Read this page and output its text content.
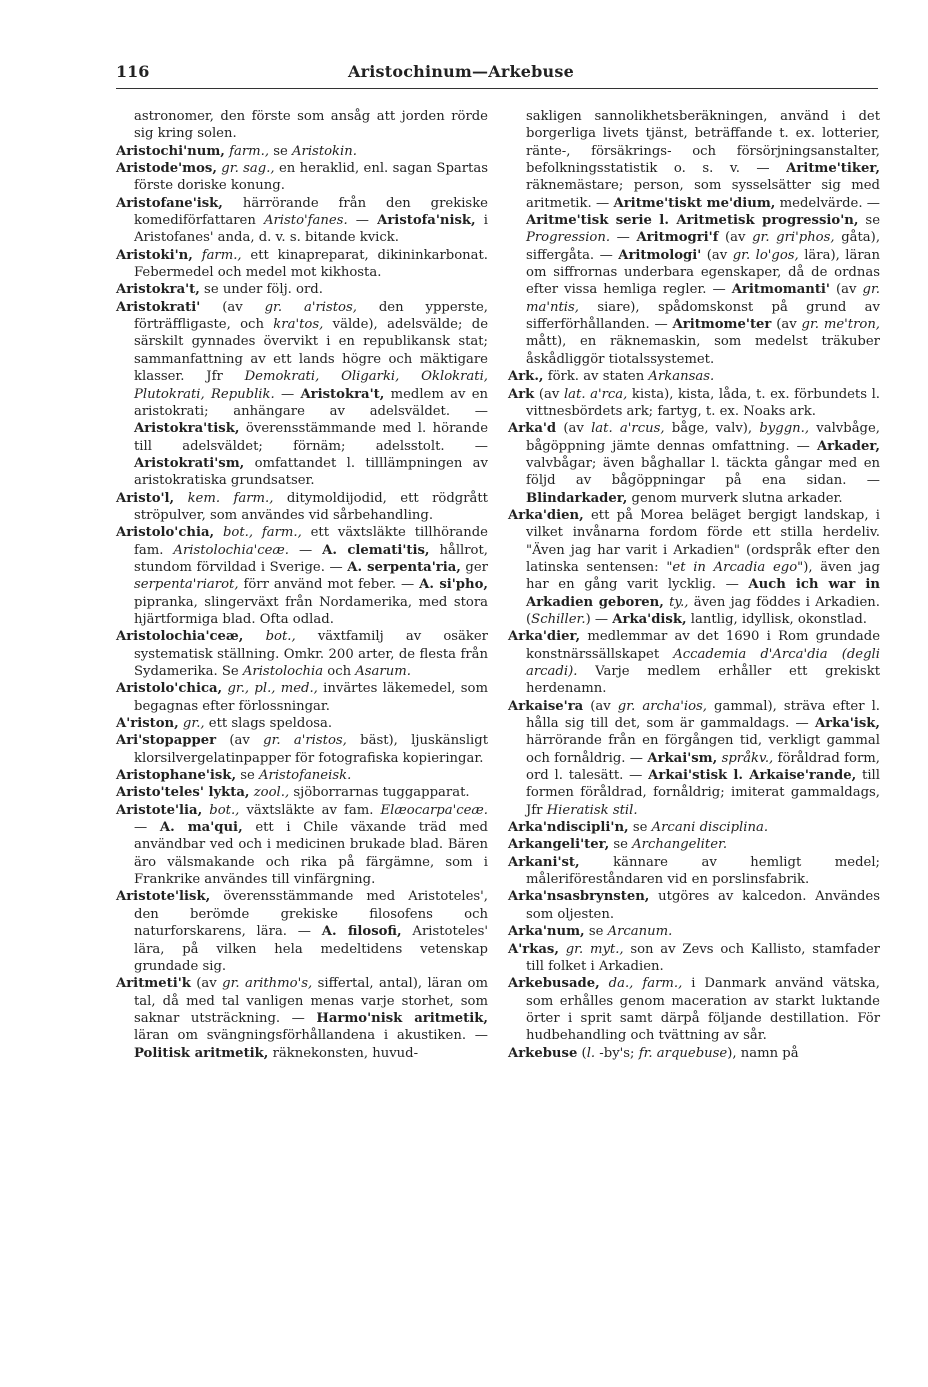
116	Aristochinum—Arkebuse

astronomer, den förste som ansåg att jorden rörde sig kring solen.

Aristochi'num, farm., se Aristokin.

Aristode'mos, gr. sag., en heraklid, enl. sagan Spartas förste doriske konung.

Aristofane'isk, härrörande från den grekiske komediförfattaren Aristo'fanes. — Aristofa'nisk, i Aristofanes' anda, d. v. s. bitande kvick.

Aristoki'n, farm., ett kinapreparat, dikininkarbonat. Febermedel och medel mot kikhosta.

Aristokra't, se under följ. ord.

Aristokrati' (av gr. a'ristos, den ypperste, förträffligaste, och kra'tos, välde), adelsvälde; de särskilt gynnades övervikt i en republikansk stat; sammanfattning av ett lands högre och mäktigare klasser. Jfr Demokrati, Oligarki, Oklokrati, Plutokrati, Republik. — Aristokra't, medlem av en aristokrati; anhängare av adelsväldet. — Aristokra'tisk, överensstämmande med l. hörande till adelsväldet; förnäm; adelsstolt. — Aristokrati'sm, omfattandet l. tilllämpningen av aristokratiska grundsatser.

Aristo'l, kem. farm., ditymoldijodid, ett rödgrått ströpulver, som användes vid sårbehandling.

Aristolo'chia, bot., farm., ett växtsläkte tillhörande fam. Aristolochia'ceæ. — A. clemati'tis, hållrot, stundom förvildad i Sverige. — A. serpenta'ria, ger serpenta'riarot, förr använd mot feber. — A. si'pho, pipranka, slingerväxt från Nordamerika, med stora hjärtformiga blad. Ofta odlad.

Aristolochia'ceæ, bot., växtfamilj av osäker systematisk ställning. Omkr. 200 arter, de flesta från Sydamerika. Se Aristolochia och Asarum.

Aristolo'chica, gr., pl., med., invärtes läkemedel, som begagnas efter förlossningar.

A'riston, gr., ett slags speldosa.

Ari'stopapper (av gr. a'ristos, bäst), ljuskänsligt klorsilvergelatinpapper för fotografiska kopieringar.

Aristophane'isk, se Aristofaneisk.

Aristo'teles' lykta, zool., sjöborrarnas tuggapparat.

Aristote'lia, bot., växtsläkte av fam. Elæocarpa'ceæ. — A. ma'qui, ett i Chile växande träd med användbar ved och i medicinen brukade blad. Bären äro välsmakande och rika på färgämne, som i Frankrike användes till vinfärgning.

Aristote'lisk, överensstämmande med Aristoteles', den berömde grekiske filosofens och naturforskarens, lära. — A. filosofi, Aristoteles' lära, på vilken hela medeltidens vetenskap grundade sig.

Aritmeti'k (av gr. arithmo's, siffertal, antal), läran om tal, då med tal vanligen menas varje storhet, som saknar utsträckning. — Harmo'nisk aritmetik, läran om svängningsförhållandena i akustiken. — Politisk aritmetik, räknekonsten, huvud-

sakligen sannolikhetsberäkningen, använd i det borgerliga livets tjänst, beträffande t. ex. lotterier, ränte-, försäkrings- och försörjningsanstalter, befolkningsstatistik o. s. v. — Aritme'tiker, räknemästare; person, som sysselsätter sig med aritmetik. — Aritme'tiskt me'dium, medelvärde. — Aritme'tisk serie l. Aritmetisk progressio'n, se Progression. — Aritmogri'f (av gr. gri'phos, gåta), siffergåta. — Aritmologi' (av gr. lo'gos, lära), läran om siffrornas underbara egenskaper, då de ordnas efter vissa hemliga regler. — Aritmomanti' (av gr. ma'ntis, siare), spådomskonst på grund av sifferförhållanden. — Aritmome'ter (av gr. me'tron, mått), en räknemaskin, som medelst träkuber åskådliggör tiotalssystemet.

Ark., förk. av staten Arkansas.

Ark (av lat. a'rca, kista), kista, låda, t. ex. förbundets l. vittnesbördets ark; fartyg, t. ex. Noaks ark.

Arka'd (av lat. a'rcus, båge, valv), byggn., valvbåge, bågöppning jämte dennas omfattning. — Arkader, valvbågar; även båghallar l. täckta gångar med en följd av bågöppningar på ena sidan. — Blindarkader, genom murverk slutna arkader.

Arka'dien, ett på Morea beläget bergigt landskap, i vilket invånarna fordom förde ett stilla herdeliv. "Även jag har varit i Arkadien" (ordspråk efter den latinska sentensen: "et in Arcadia ego"), även jag har en gång varit lycklig. — Auch ich war in Arkadien geboren, ty., även jag föddes i Arkadien. (Schiller.) — Arka'disk, lantlig, idyllisk, okonstlad.

Arka'dier, medlemmar av det 1690 i Rom grundade konstnärssällskapet Accademia d'Arca'dia (degli arcadi). Varje medlem erhåller ett grekiskt herdenamn.

Arkaise'ra (av gr. archa'ios, gammal), sträva efter l. hålla sig till det, som är gammaldags. — Arka'isk, härrörande från en förgången tid, verkligt gammal och fornåldrig. — Arkai'sm, språkv., föråldrad form, ord l. talesätt. — Arkai'stisk l. Arkaise'rande, till formen föråldrad, fornåldrig; imiterat gammaldags, Jfr Hieratisk stil.

Arka'ndiscipli'n, se Arcani disciplina.

Arkangeli'ter, se Archangeliter.

Arkani'st, kännare av hemligt medel; måleriföreståndaren vid en porslinsfabrik.

Arka'nsasbrynsten, utgöres av kalcedon. Användes som oljesten.

Arka'num, se Arcanum.

A'rkas, gr. myt., son av Zevs och Kallisto, stamfader till folket i Arkadien.

Arkebusade, da., farm., i Danmark använd vätska, som erhålles genom maceration av starkt luktande örter i sprit samt därpå följande destillation. För hudbehandling och tvättning av sår.

Arkebuse (l. -by's; fr. arquebuse), namn på
